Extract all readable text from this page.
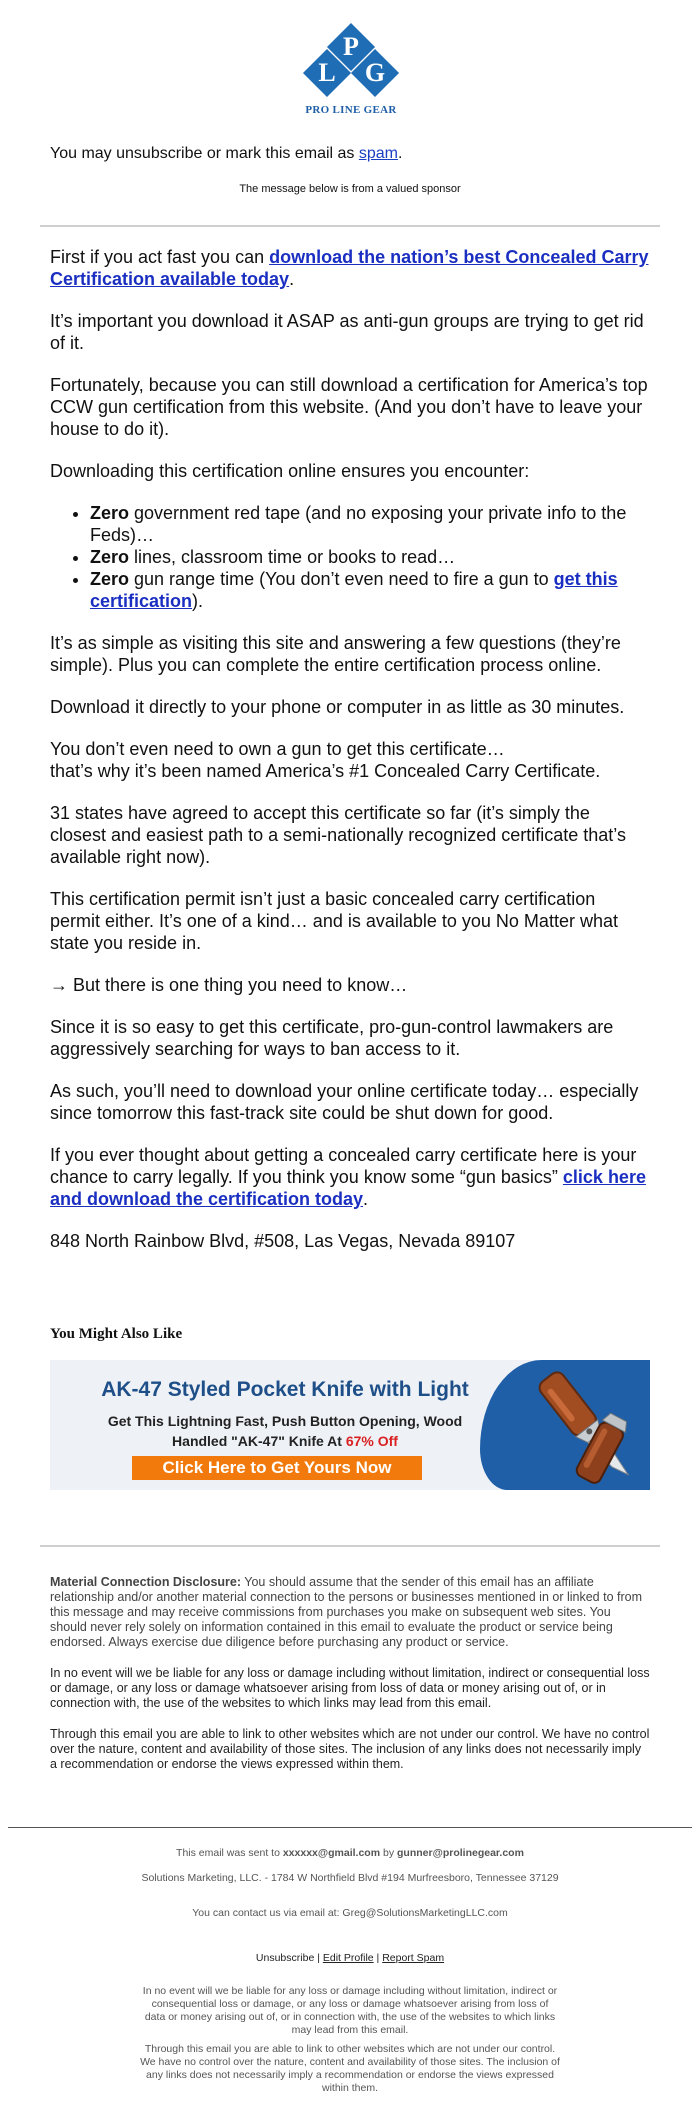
P
L	G
PRO LINE GEAR
You may unsubscribe or mark this email as spam.
The message below is from a valued sponsor

First if you act fast you can download the nation’s best Concealed Carry Certification available today.

It’s important you download it ASAP as anti-gun groups are trying to get rid of it.

Fortunately, because you can still download a certification for America’s top CCW gun certification from this website. (And you don’t have to leave your house to do it).

Downloading this certification online ensures you encounter:

• Zero government red tape (and no exposing your private info to the Feds)…
• Zero lines, classroom time or books to read…
• Zero gun range time (You don’t even need to fire a gun to get this certification).

It’s as simple as visiting this site and answering a few questions (they’re simple). Plus you can complete the entire certification process online.

Download it directly to your phone or computer in as little as 30 minutes.

You don’t even need to own a gun to get this certificate…
that’s why it’s been named America’s #1 Concealed Carry Certificate.

31 states have agreed to accept this certificate so far (it’s simply the closest and easiest path to a semi-nationally recognized certificate that’s available right now).

This certification permit isn’t just a basic concealed carry certification permit either. It’s one of a kind… and is available to you No Matter what state you reside in.

→ But there is one thing you need to know…

Since it is so easy to get this certificate, pro-gun-control lawmakers are aggressively searching for ways to ban access to it.

As such, you’ll need to download your online certificate today… especially since tomorrow this fast-track site could be shut down for good.

If you ever thought about getting a concealed carry certificate here is your chance to carry legally. If you think you know some “gun basics” click here and download the certification today.

848 North Rainbow Blvd, #508, Las Vegas, Nevada 89107

You Might Also Like
AK-47 Styled Pocket Knife with Light
Get This Lightning Fast, Push Button Opening, Wood
Handled "AK-47" Knife At 67% Off
Click Here to Get Yours Now

Material Connection Disclosure: You should assume that the sender of this email has an affiliate relationship and/or another material connection to the persons or businesses mentioned in or linked to from this message and may receive commissions from purchases you make on subsequent web sites. You should never rely solely on information contained in this email to evaluate the product or service being endorsed. Always exercise due diligence before purchasing any product or service.

In no event will we be liable for any loss or damage including without limitation, indirect or consequential loss or damage, or any loss or damage whatsoever arising from loss of data or money arising out of, or in connection with, the use of the websites to which links may lead from this email.

Through this email you are able to link to other websites which are not under our control. We have no control over the nature, content and availability of those sites. The inclusion of any links does not necessarily imply a recommendation or endorse the views expressed within them.

This email was sent to xxxxxx@gmail.com by gunner@prolinegear.com
Solutions Marketing, LLC. - 1784 W Northfield Blvd #194 Murfreesboro, Tennessee 37129
You can contact us via email at: Greg@SolutionsMarketingLLC.com
Unsubscribe | Edit Profile | Report Spam
In no event will we be liable for any loss or damage including without limitation, indirect or consequential loss or damage, or any loss or damage whatsoever arising from loss of data or money arising out of, or in connection with, the use of the websites to which links may lead from this email.
Through this email you are able to link to other websites which are not under our control. We have no control over the nature, content and availability of those sites. The inclusion of any links does not necessarily imply a recommendation or endorse the views expressed within them.
